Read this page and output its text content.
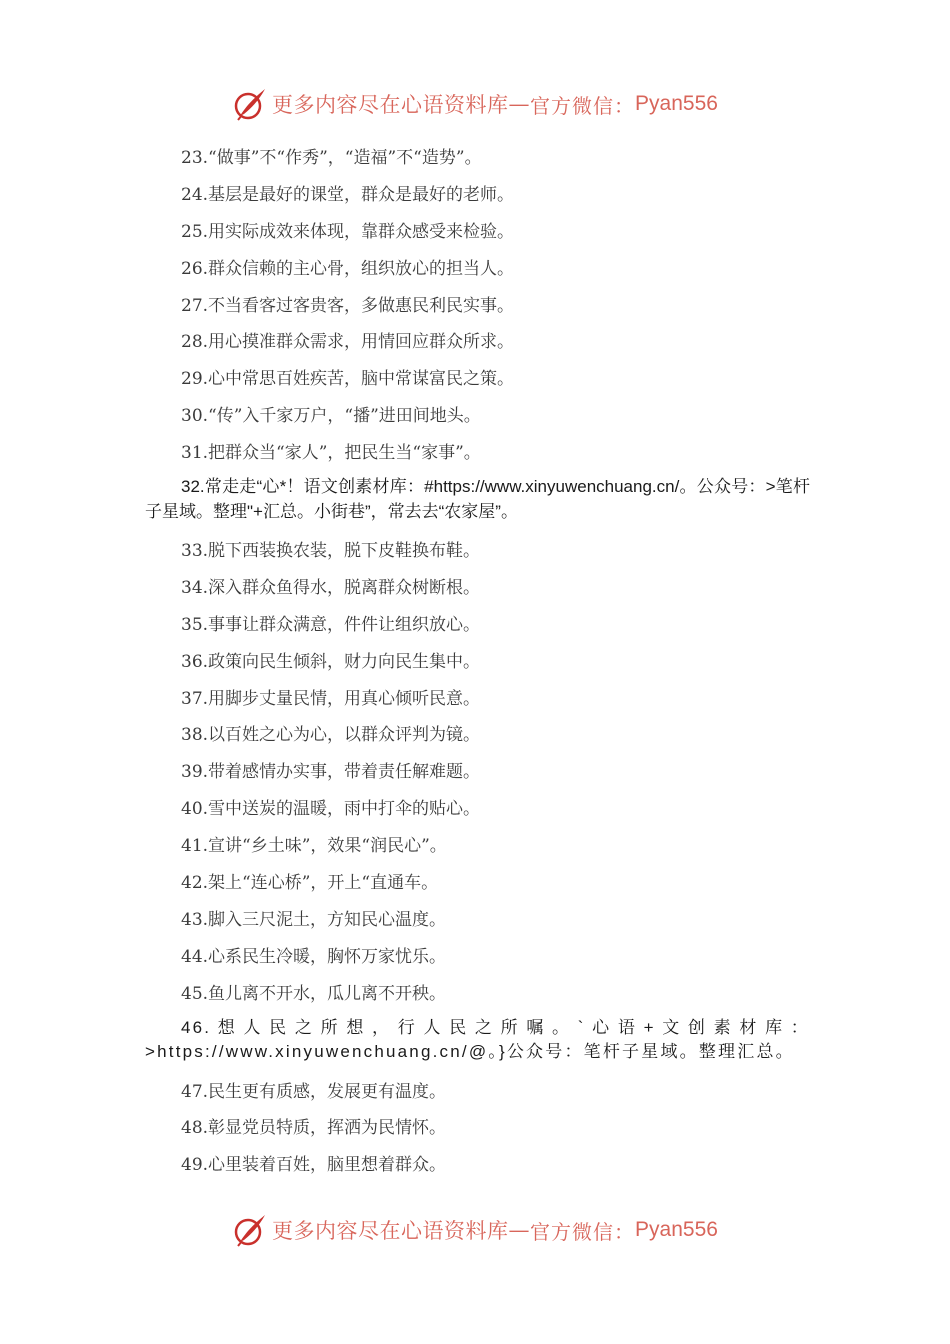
更多内容尽在心语资料库 — 官方微信： Pyan556
23.“做事”不“作秀”，“造福”不“造势”。
24.基层是最好的课堂，群众是最好的老师。
25.用实际成效来体现，靠群众感受来检验。
26.群众信赖的主心骨，组织放心的担当人。
27.不当看客过客贵客，多做惠民利民实事。
28.用心摸准群众需求，用情回应群众所求。
29.心中常思百姓疾苦，脑中常谋富民之策。
30.“传”入千家万户，“播”进田间地头。
31.把群众当“家人”，把民生当“家事”。

32.常走走“心*！语文创素材库：#https://www.xinyuwenchuang.cn/。公众号：>笔杆子星域。整理"+汇总。小街巷”，常去去“农家屋”。

33.脱下西装换农装，脱下皮鞋换布鞋。
34.深入群众鱼得水，脱离群众树断根。
35.事事让群众满意，件件让组织放心。
36.政策向民生倾斜，财力向民生集中。
37.用脚步丈量民情，用真心倾听民意。
38.以百姓之心为心，以群众评判为镜。
39.带着感情办实事，带着责任解难题。
40.雪中送炭的温暖，雨中打伞的贴心。
41.宣讲“乡土味”，效果“润民心”。
42.架上“连心桥”，开上“直通车。
43.脚入三尺泥土，方知民心温度。
44.心系民生冷暖，胸怀万家忧乐。
45.鱼儿离不开水，瓜儿离不开秧。

46.想人民之所想，行人民之所嘱。`心语+文创素材库：>https://www.xinyuwenchuang.cn/@。}公众号：笔杆子星域。整理汇总。

47.民生更有质感，发展更有温度。
48.彰显党员特质，挥洒为民情怀。
49.心里装着百姓，脑里想着群众。
更多内容尽在心语资料库 — 官方微信： Pyan556
